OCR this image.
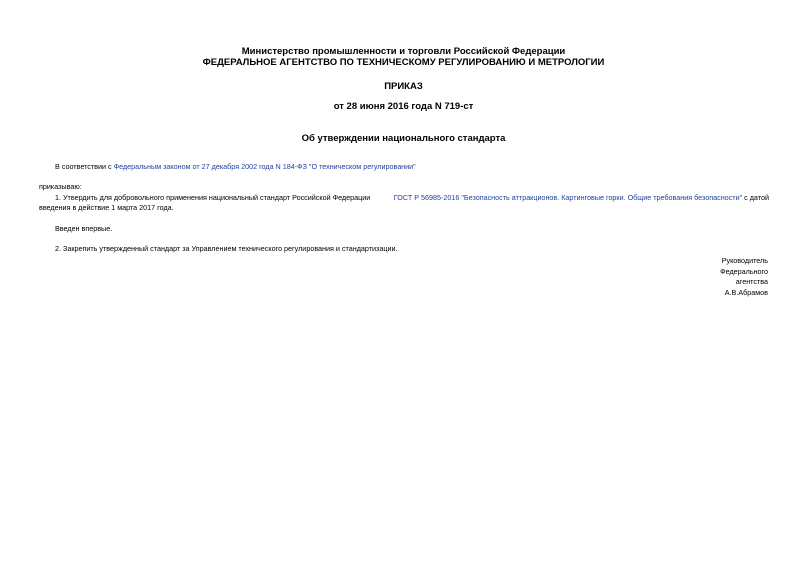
Министерство промышленности и торговли Российской Федерации
ФЕДЕРАЛЬНОЕ АГЕНТСТВО ПО ТЕХНИЧЕСКОМУ РЕГУЛИРОВАНИЮ И МЕТРОЛОГИИ
ПРИКАЗ
от 28 июня 2016 года N 719-ст
Об утверждении национального стандарта
В соответствии с Федеральным законом от 27 декабря 2002 года N 184-ФЗ "О техническом регулировании"
приказываю:
1. Утвердить для добровольного применения национальный стандарт Российской Федерации	ГОСТ Р 56985-2016 "Безопасность аттракционов. Картинговые горки. Общие требования безопасности" с датой
введения в действие 1 марта 2017 года.
Введен впервые.
2. Закрепить утвержденный стандарт за Управлением технического регулирования и стандартизации.
Руководитель
Федерального
агентства
А.В.Абрамов
